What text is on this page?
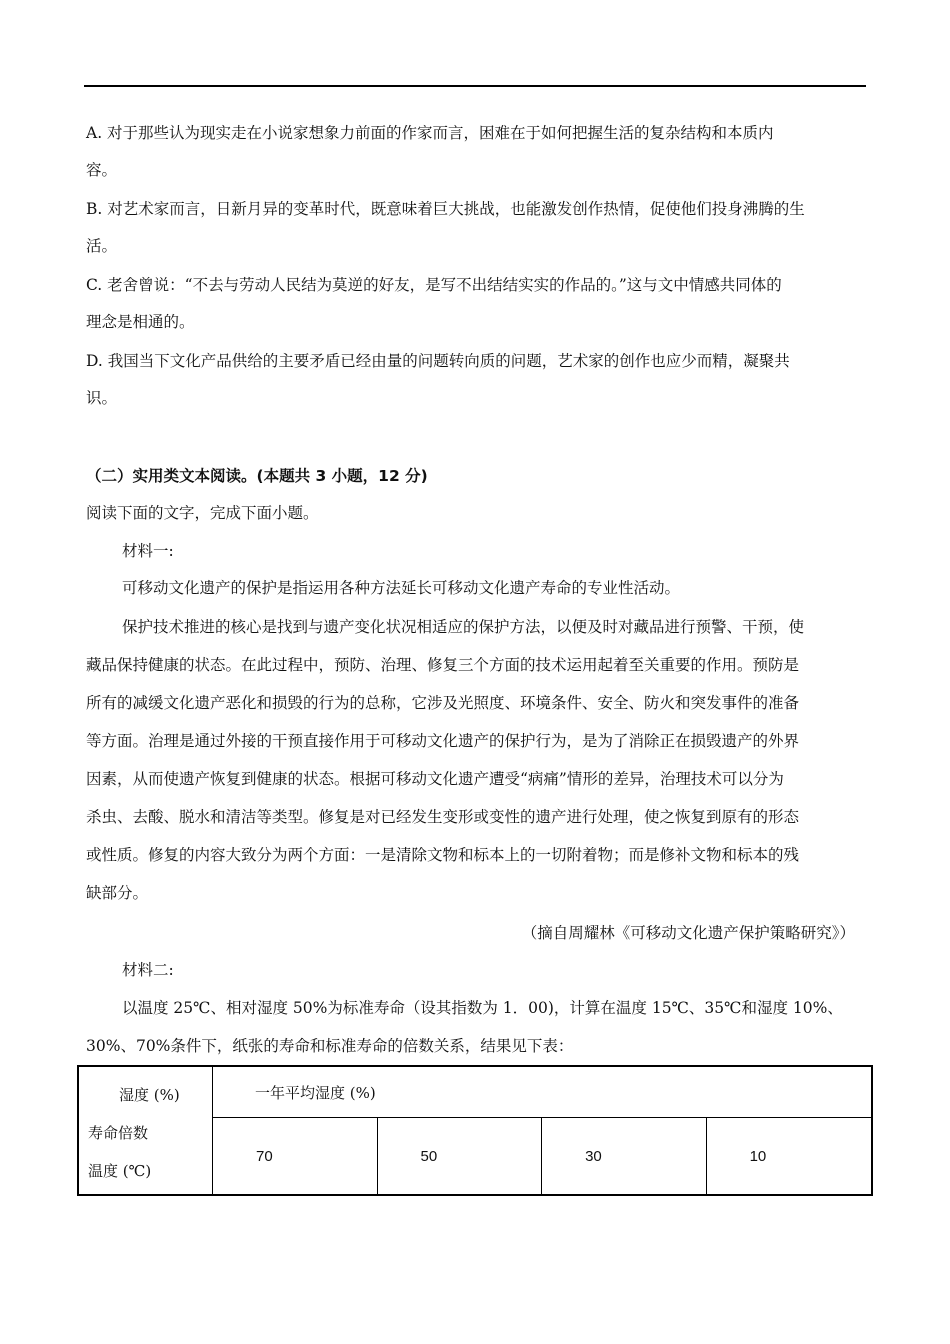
A. 对于那些认为现实走在小说家想象力前面的作家而言，困难在于如何把握生活的复杂结构和本质内
容。
B. 对艺术家而言，日新月异的变革时代，既意味着巨大挑战，也能激发创作热情，促使他们投身沸腾的生
活。
C. 老舍曾说：“不去与劳动人民结为莫逆的好友，是写不出结结实实的作品的。”这与文中情感共同体的
理念是相通的。
D. 我国当下文化产品供给的主要矛盾已经由量的问题转向质的问题，艺术家的创作也应少而精，凝聚共
识。
（二）实用类文本阅读。(本题共 3 小题，12 分)
阅读下面的文字，完成下面小题。
材料一:
可移动文化遗产的保护是指运用各种方法延长可移动文化遗产寿命的专业性活动。
保护技术推进的核心是找到与遗产变化状况相适应的保护方法，以便及时对藏品进行预警、干预，使
藏品保持健康的状态。在此过程中，预防、治理、修复三个方面的技术运用起着至关重要的作用。预防是
所有的减缓文化遗产恶化和损毁的行为的总称，它涉及光照度、环境条件、安全、防火和突发事件的准备
等方面。治理是通过外接的干预直接作用于可移动文化遗产的保护行为，是为了消除正在损毁遗产的外界
因素，从而使遗产恢复到健康的状态。根据可移动文化遗产遭受“病痛”情形的差异，治理技术可以分为
杀虫、去酸、脱水和清洁等类型。修复是对已经发生变形或变性的遗产进行处理，使之恢复到原有的形态
或性质。修复的内容大致分为两个方面：一是清除文物和标本上的一切附着物；而是修补文物和标本的残
缺部分。
（摘自周耀林《可移动文化遗产保护策略研究》）
材料二:
以温度 25℃、相对湿度 50%为标准寿命（设其指数为 1．00)，计算在温度 15℃、35℃和湿度 10%、
30%、70%条件下，纸张的寿命和标准寿命的倍数关系，结果见下表：
湿度 (%)
寿命倍数
温度 (℃)	一年平均湿度 (%)			
	70	50	30	10
